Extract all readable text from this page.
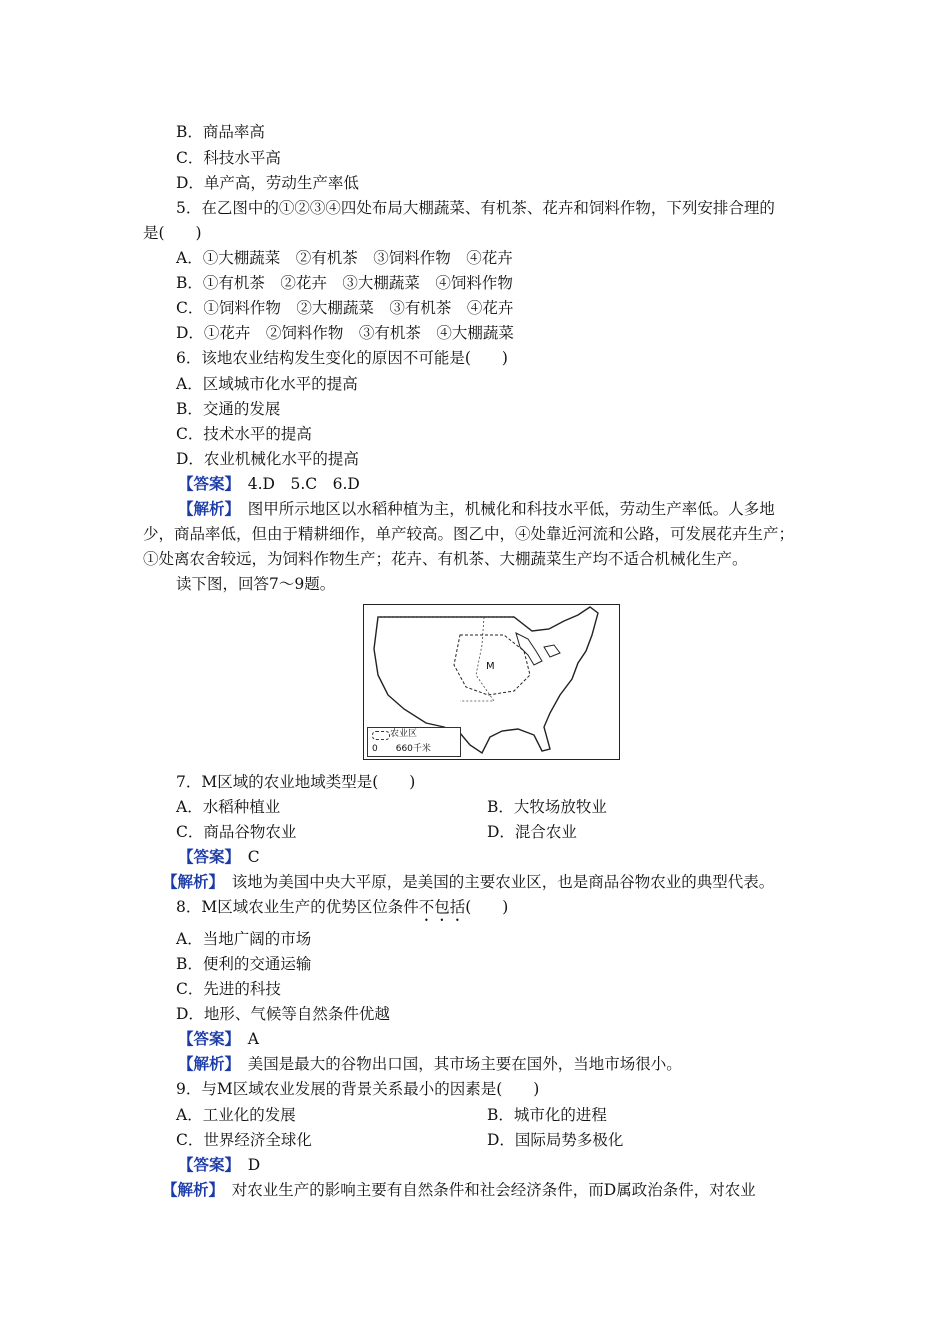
B．商品率高
C．科技水平高
D．单产高，劳动生产率低
5．在乙图中的①②③④四处布局大棚蔬菜、有机茶、花卉和饲料作物，下列安排合理的
是(　　)
A．①大棚蔬菜　②有机茶　③饲料作物　④花卉
B．①有机茶　②花卉　③大棚蔬菜　④饲料作物
C．①饲料作物　②大棚蔬菜　③有机茶　④花卉
D．①花卉　②饲料作物　③有机茶　④大棚蔬菜
6．该地农业结构发生变化的原因不可能是(　　)
A．区域城市化水平的提高
B．交通的发展
C．技术水平的提高
D．农业机械化水平的提高
【答案】　4.D　5.C　6.D
【解析】　图甲所示地区以水稻种植为主，机械化和科技水平低，劳动生产率低。人多地
少，商品率低，但由于精耕细作，单产较高。图乙中，④处靠近河流和公路，可发展花卉生产；
①处离农舍较远，为饲料作物生产；花卉、有机茶、大棚蔬菜生产均不适合机械化生产。
读下图，回答7～9题。
M
农业区
0　　660千米
7．M区域的农业地域类型是(　　)
A．水稻种植业	B．大牧场放牧业
C．商品谷物农业	D．混合农业
【答案】　C
【解析】　该地为美国中央大平原，是美国的主要农业区，也是商品谷物农业的典型代表。
8．M区域农业生产的优势区位条件不包括(　　)
A．当地广阔的市场
B．便利的交通运输
C．先进的科技
D．地形、气候等自然条件优越
【答案】　A
【解析】　美国是最大的谷物出口国，其市场主要在国外，当地市场很小。
9．与M区域农业发展的背景关系最小的因素是(　　)
A．工业化的发展	B．城市化的进程
C．世界经济全球化	D．国际局势多极化
【答案】　D
【解析】　对农业生产的影响主要有自然条件和社会经济条件，而D属政治条件，对农业
